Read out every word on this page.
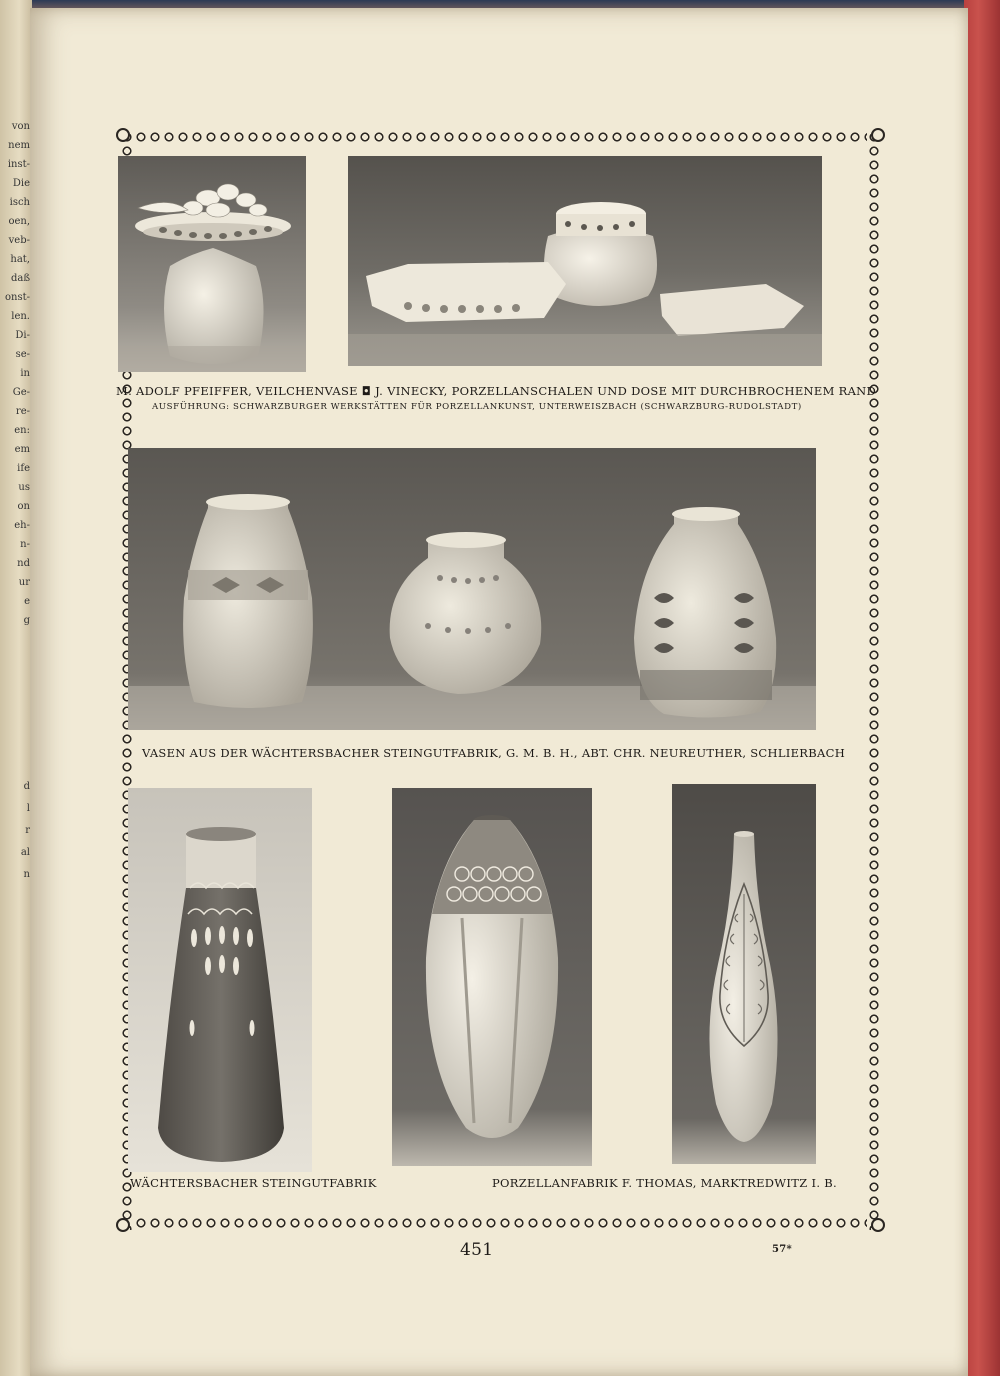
von
nem
inst-
Die
isch
oen,
veb-
hat,
daß
onst-
len.
Di-
se-
in
Ge-
re-
en:
em
ife
us
on
eh-
n-
nd
ur
e
g
d
l
r
al
n
M. ADOLF PFEIFFER, VEILCHENVASE ◘ J. VINECKY, PORZELLANSCHALEN UND DOSE MIT DURCHBROCHENEM RAND
AUSFÜHRUNG: SCHWARZBURGER WERKSTÄTTEN FÜR PORZELLANKUNST, UNTERWEISZBACH (SCHWARZBURG-RUDOLSTADT)
VASEN AUS DER WÄCHTERSBACHER STEINGUTFABRIK, G. M. B. H., ABT. CHR. NEUREUTHER, SCHLIERBACH
WÄCHTERSBACHER STEINGUTFABRIK	PORZELLANFABRIK F. THOMAS, MARKTREDWITZ I. B.
451	57*
